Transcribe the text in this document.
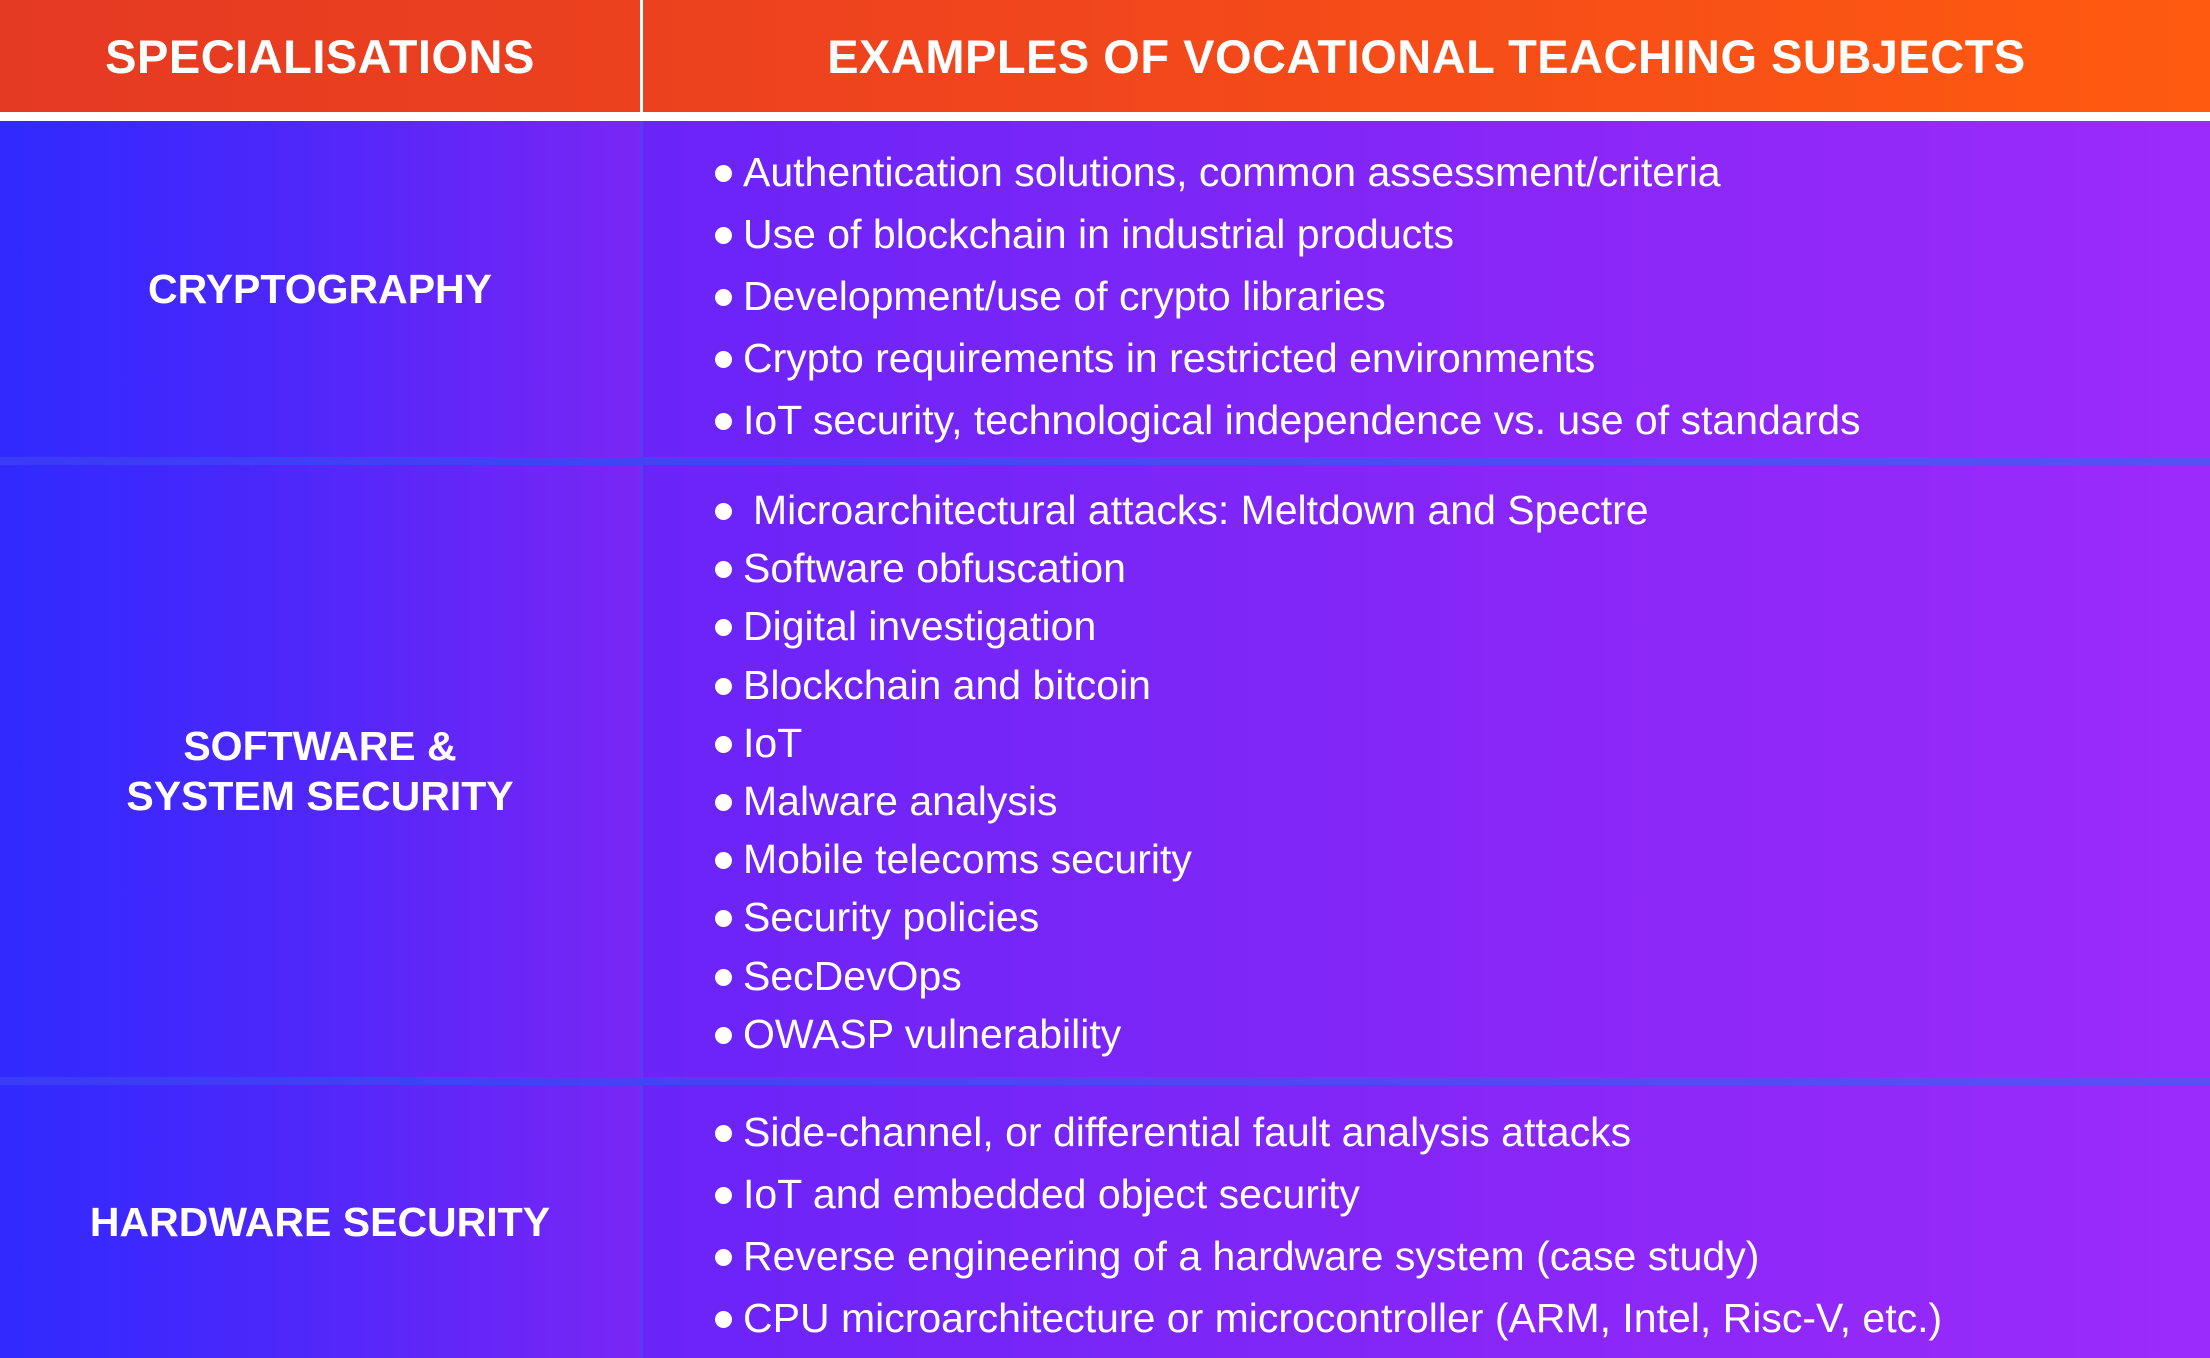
SPECIALISATIONS	EXAMPLES OF VOCATIONAL TEACHING SUBJECTS
CRYPTOGRAPHY
Authentication solutions, common assessment/criteria
Use of blockchain in industrial products
Development/use of crypto libraries
Crypto requirements in restricted environments
IoT security, technological independence vs. use of standards
SOFTWARE &
SYSTEM SECURITY
Microarchitectural attacks: Meltdown and Spectre
Software obfuscation
Digital investigation
Blockchain and bitcoin
IoT
Malware analysis
Mobile telecoms security
Security policies
SecDevOps
OWASP vulnerability
HARDWARE SECURITY
Side-channel, or differential fault analysis attacks
IoT and embedded object security
Reverse engineering of a hardware system (case study)
CPU microarchitecture or microcontroller (ARM, Intel, Risc-V, etc.)
